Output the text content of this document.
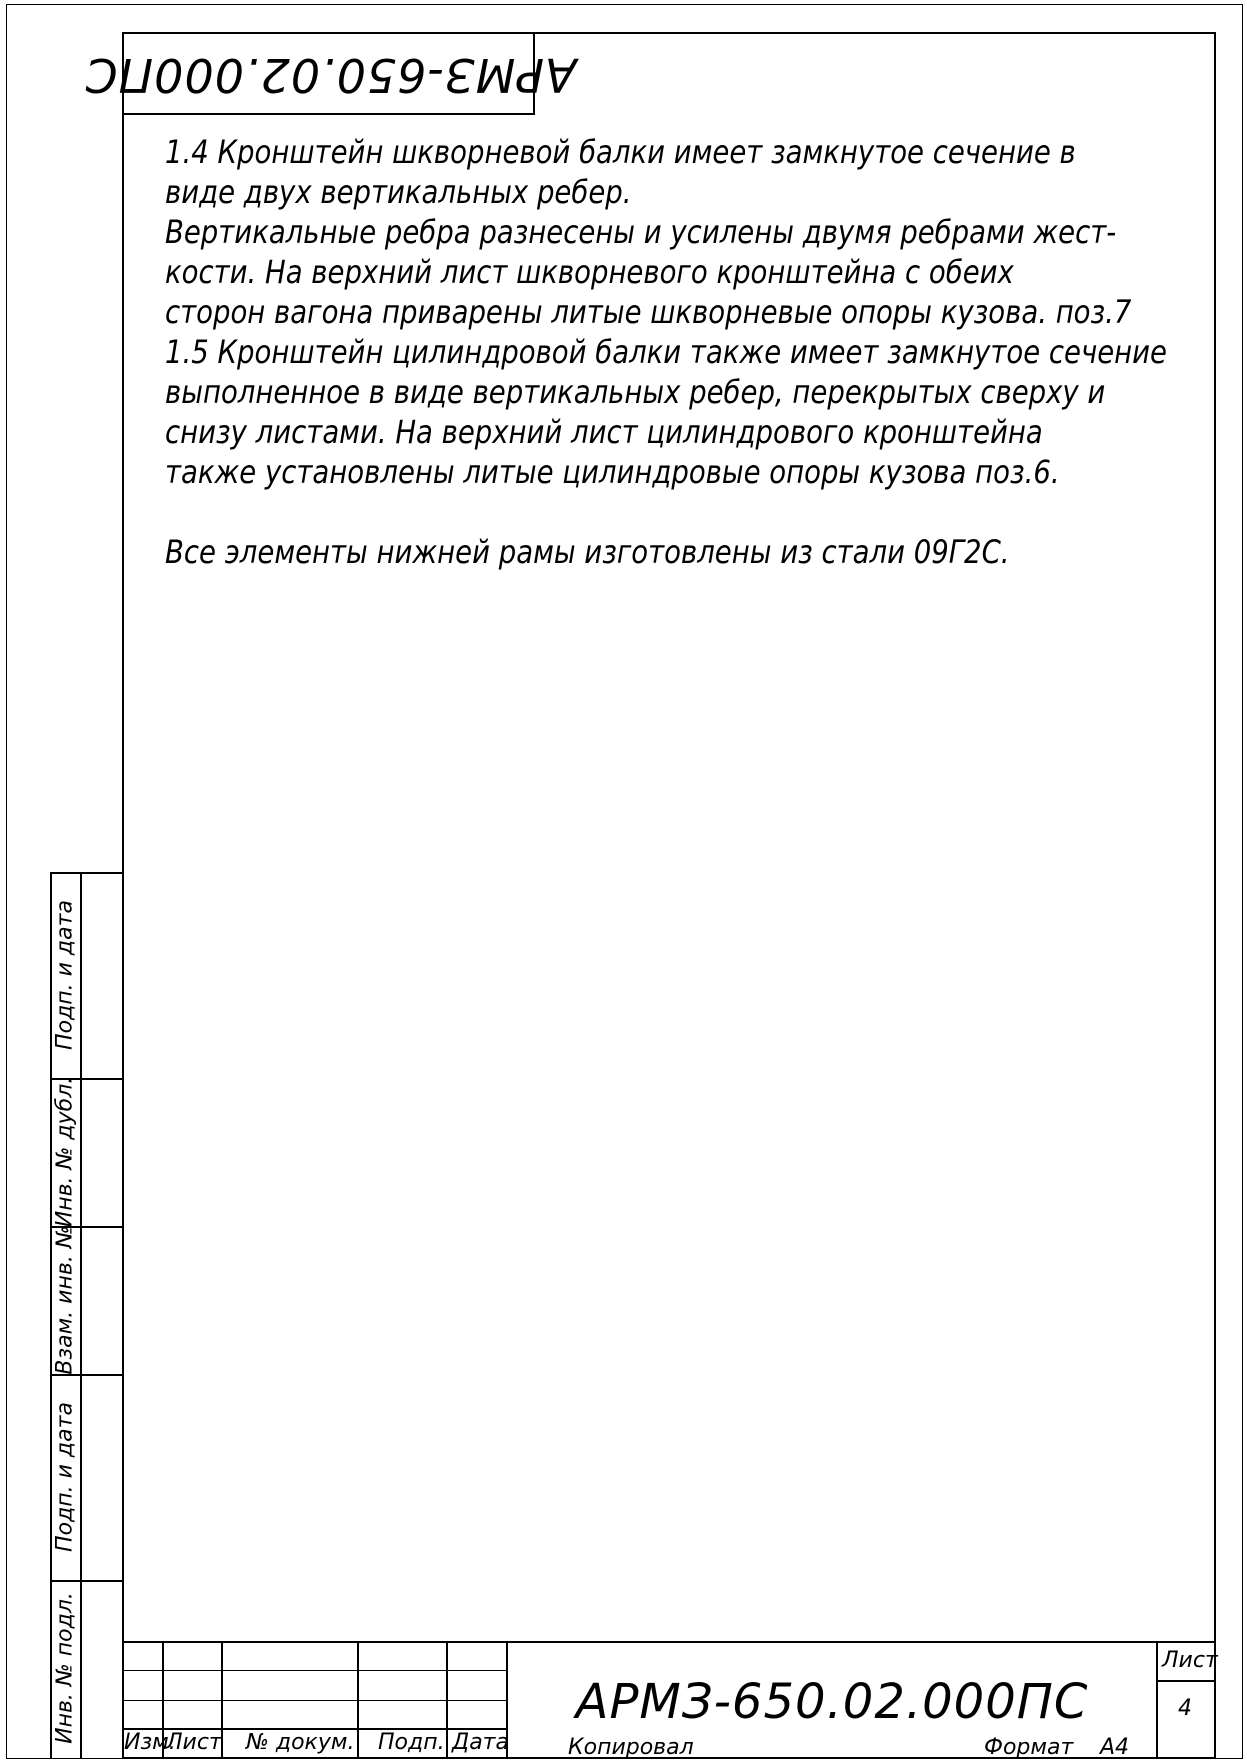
АРМЗ-650.02.000ПС

1.4 Кронштейн шкворневой балки имеет замкнутое сечение в

виде двух вертикальных ребер.

Вертикальные ребра разнесены и усилены двумя ребрами жест-

кости. На верхний лист шкворневого кронштейна с обеих

сторон вагона приварены литые шкворневые опоры кузова. поз.7

1.5 Кронштейн цилиндровой балки также имеет замкнутое сечение

выполненное в виде вертикальных ребер, перекрытых сверху и

снизу листами. На верхний лист цилиндрового кронштейна

также установлены литые цилиндровые опоры кузова поз.6.

Все элементы нижней рамы изготовлены из стали 09Г2С.

Подп. и дата
Инв. № дубл.
Взам. инв. №
Подп. и дата
Инв. № подл. Изм.
Лист № докум. Подп. Дата
АРМЗ-650.02.000ПС
Лист
4
Копировал	Формат А4
